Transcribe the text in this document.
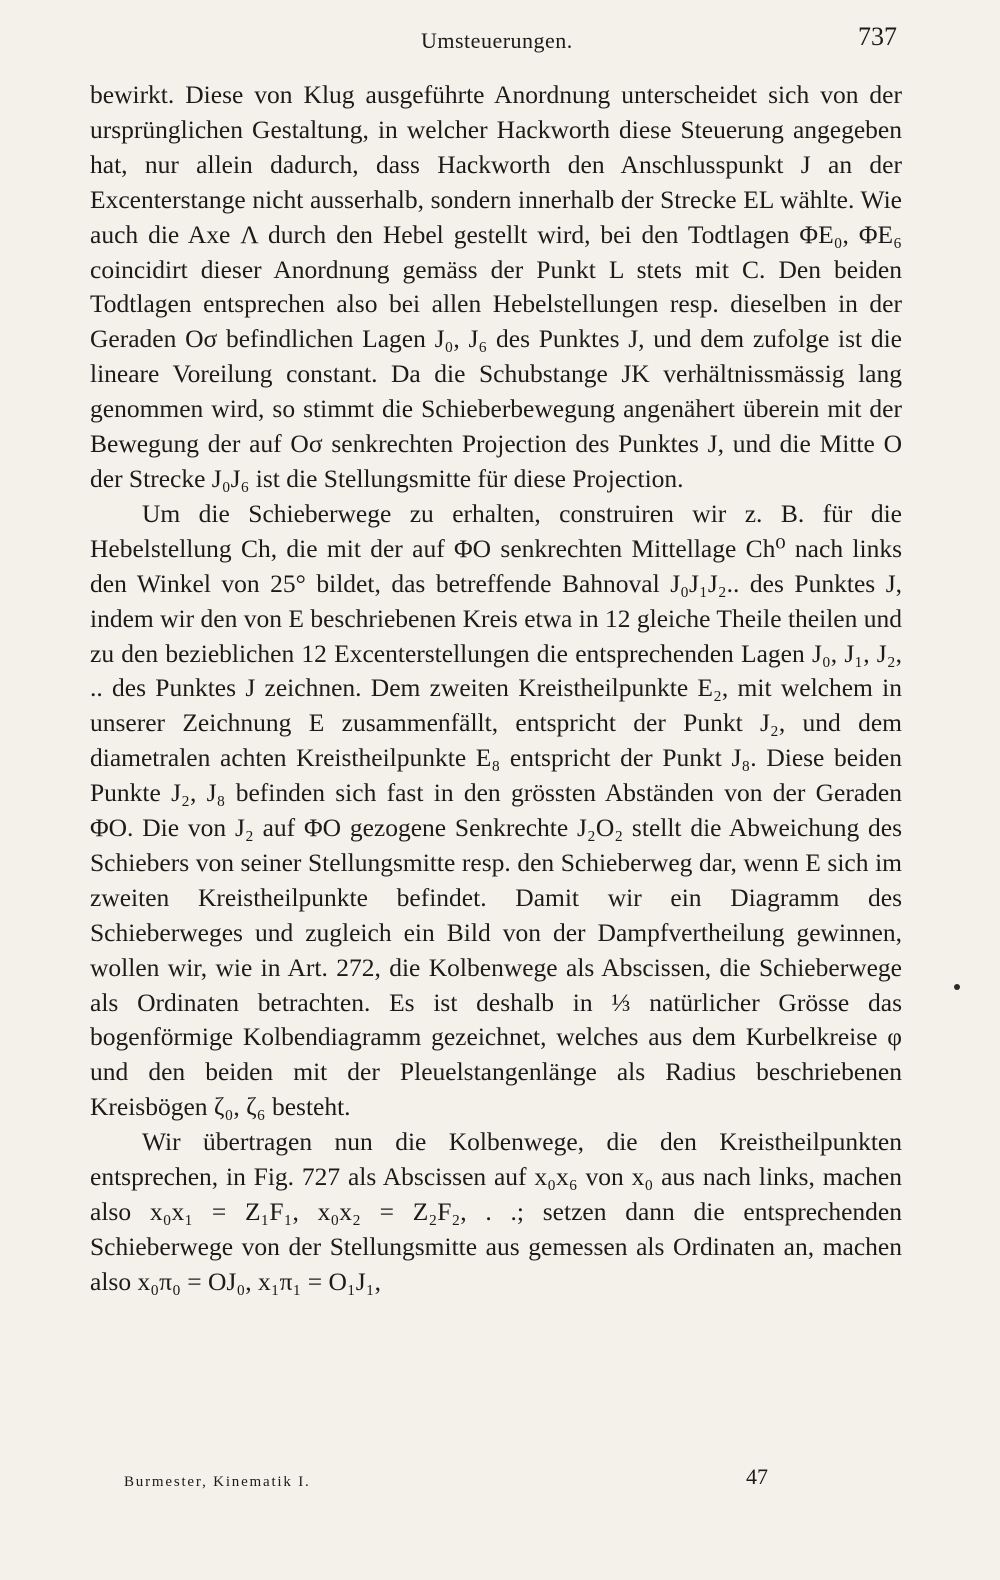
Umsteuerungen.	737

bewirkt. Diese von Klug ausgeführte Anordnung unterscheidet sich von der ursprünglichen Gestaltung, in welcher Hackworth diese Steuerung angegeben hat, nur allein dadurch, dass Hackworth den Anschlusspunkt J an der Excenterstange nicht ausserhalb, sondern innerhalb der Strecke EL wählte. Wie auch die Axe Λ durch den Hebel gestellt wird, bei den Todtlagen ΦE₀, ΦE₆ coincidirt dieser Anordnung gemäss der Punkt L stets mit C. Den beiden Todtlagen entsprechen also bei allen Hebelstellungen resp. dieselben in der Geraden Oσ befindlichen Lagen J₀, J₆ des Punktes J, und dem zufolge ist die lineare Voreilung constant. Da die Schubstange JK verhältnissmässig lang genommen wird, so stimmt die Schieberbewegung angenähert überein mit der Bewegung der auf Oσ senkrechten Projection des Punktes J, und die Mitte O der Strecke J₀J₆ ist die Stellungsmitte für diese Projection.

Um die Schieberwege zu erhalten, construiren wir z. B. für die Hebelstellung Ch, die mit der auf ΦO senkrechten Mittellage Ch⁰ nach links den Winkel von 25° bildet, das betreffende Bahnoval J₀J₁J₂.. des Punktes J, indem wir den von E beschriebenen Kreis etwa in 12 gleiche Theile theilen und zu den bezieblichen 12 Excenterstellungen die entsprechenden Lagen J₀, J₁, J₂, .. des Punktes J zeichnen. Dem zweiten Kreistheilpunkte E₂, mit welchem in unserer Zeichnung E zusammenfällt, entspricht der Punkt J₂, und dem diametralen achten Kreistheilpunkte E₈ entspricht der Punkt J₈. Diese beiden Punkte J₂, J₈ befinden sich fast in den grössten Abständen von der Geraden ΦO. Die von J₂ auf ΦO gezogene Senkrechte J₂O₂ stellt die Abweichung des Schiebers von seiner Stellungsmitte resp. den Schieberweg dar, wenn E sich im zweiten Kreistheilpunkte befindet. Damit wir ein Diagramm des Schieberweges und zugleich ein Bild von der Dampfvertheilung gewinnen, wollen wir, wie in Art. 272, die Kolbenwege als Abscissen, die Schieberwege als Ordinaten betrachten. Es ist deshalb in ⅓ natürlicher Grösse das bogenförmige Kolbendiagramm gezeichnet, welches aus dem Kurbelkreise φ und den beiden mit der Pleuelstangenlänge als Radius beschriebenen Kreisbögen ζ₀, ζ₆ besteht.

Wir übertragen nun die Kolbenwege, die den Kreistheilpunkten entsprechen, in Fig. 727 als Abscissen auf x₀x₆ von x₀ aus nach links, machen also x₀x₁ = Z₁F₁, x₀x₂ = Z₂F₂, . .; setzen dann die entsprechenden Schieberwege von der Stellungsmitte aus gemessen als Ordinaten an, machen also x₀π₀ = OJ₀, x₁π₁ = O₁J₁,

Burmester, Kinematik I.	47
